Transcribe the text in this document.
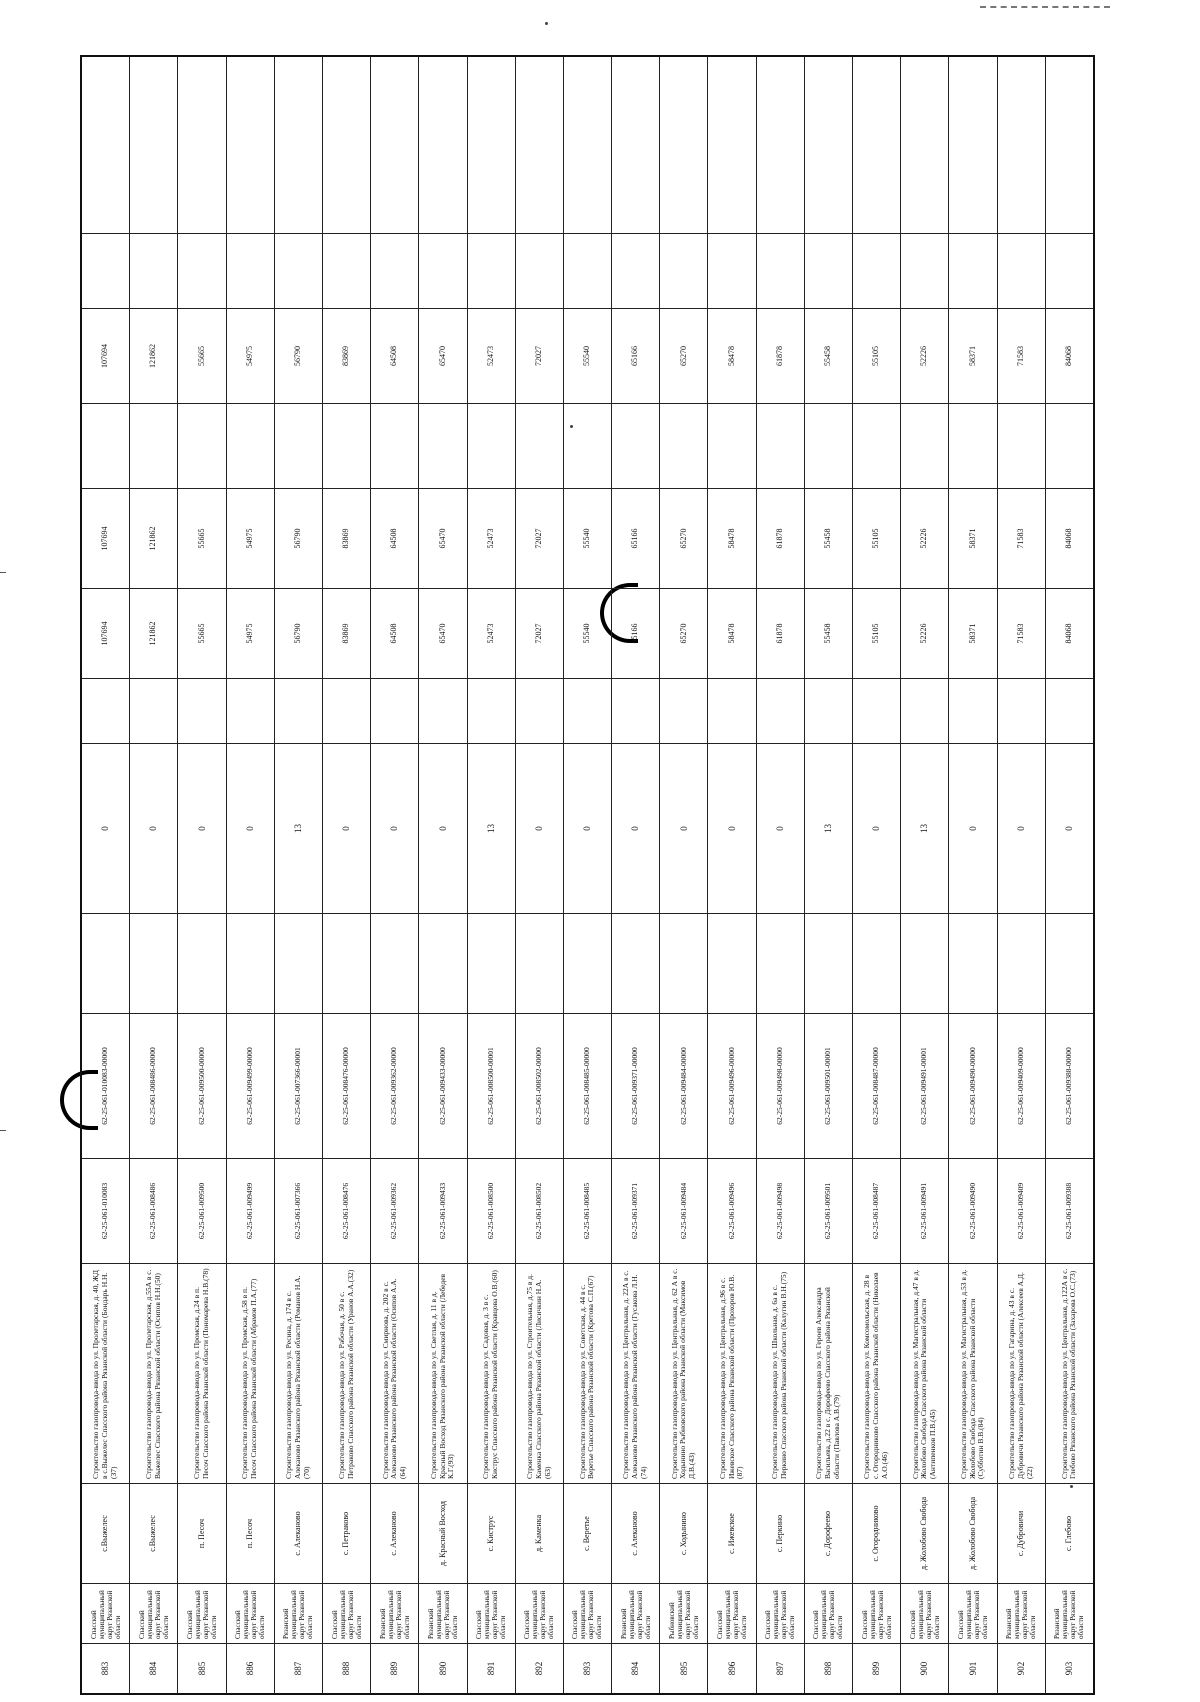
883
Спасский муниципальный округ Рязанской области
с.Выжелес
Строительство газопровода-ввода по ул. Пролетарская, д. 40, ЖД в с.Выжелес Спасского района Рязанской области (Бондарь Н.Н.(37)
62-25-061-010083
62-25-061-010083-00000
0
107694
107694
107694
884
Спасский муниципальный округ Рязанской области
с.Выжелес
Строительство газопровода-ввода по ул. Пролетарская, д.55А в с. Выжелес Спасского района Рязанской области (Осипов Н.Н.(50)
62-25-061-008486
62-25-061-008486-00000
0
121862
121862
121862
885
Спасский муниципальный округ Рязанской области
п. Песоч
Строительство газопровода-ввода по ул. Промская, д.24 в п. Песоч Спасского района Рязанской области (Пономарева Н.В.(78)
62-25-061-009500
62-25-061-009500-00000
0
55665
55665
55665
886
Спасский муниципальный округ Рязанской области
п. Песоч
Строительство газопровода-ввода по ул. Промская, д.58 в п. Песоч Спасского района Рязанской области (Абрамов П.А.(77)
62-25-061-009499
62-25-061-009499-00000
0
54975
54975
54975
887
Рязанский муниципальный округ Рязанской области
с. Алеканово
Строительство газопровода-ввода по ул. Ресина, д. 174 в с. Алеканово Рязанского района Рязанской области (Романов Н.А.(70)
62-25-061-007366
62-25-061-007366-00001
13
56790
56790
56790
888
Спасский муниципальный округ Рязанской области
с. Петраково
Строительство газопровода-ввода по ул. Рабочая, д. 50 в с. Петраково Спасского района Рязанской области (Уранов А.А.(32)
62-25-061-008476
62-25-061-008476-00000
0
83869
83869
83869
889
Рязанский муниципальный округ Рязанской области
с. Алеканово
Строительство газопровода-ввода по ул. Смирнова, д. 202 в с. Алеканово Рязанского района Рязанской области (Осипов А.А.(64)
62-25-061-009362
62-25-061-009362-00000
0
64508
64508
64508
890
Рязанский муниципальный округ Рязанской области
д. Красный Восход
Строительство газопровода-ввода по ул. Светлая, д. 11 в д. Красный Восход Рязанского района Рязанской области (Лебедев К.Г.(93)
62-25-061-009433
62-25-061-009433-00000
0
65470
65470
65470
891
Спасский муниципальный округ Рязанской области
с. Киструс
Строительство газопровода-ввода по ул. Садовая, д. 3 в с. Киструс Спасского района Рязанской области (Кравцова О.В.(60)
62-25-061-008500
62-25-061-008500-00001
13
52473
52473
52473
892
Спасский муниципальный округ Рязанской области
д. Каменка
Строительство газопровода-ввода по ул. Строительная, д.75 в д. Каменка Спасского района Рязанской области (Лисичкин Н.А.(63)
62-25-061-008502
62-25-061-008502-00000
0
72027
72027
72027
893
Спасский муниципальный округ Рязанской области
с. Веретье
Строительство газопровода-ввода по ул. Советская, д. 44 в с. Веретье Спасского района Рязанской области (Кретова С.П.(67)
62-25-061-008485
62-25-061-008485-00000
0
55540
55540
55540
894
Рязанский муниципальный округ Рязанской области
с. Алеканово
Строительство газопровода-ввода по ул. Центральная, д. 22А в с. Алеканово Рязанского района Рязанской области (Гусакова Л.Н.(74)
62-25-061-009371
62-25-061-009371-00000
0
65166
65166
65166
895
Рыбновский муниципальный округ Рязанской области
с. Ходынино
Строительство газопровода-ввода по ул. Центральная, д. 62 А в с. Ходынино Рыбновского района Рязанской области (Максимов Д.В.(43)
62-25-061-009484
62-25-061-009484-00000
0
65270
65270
65270
896
Спасский муниципальный округ Рязанской области
с. Ижевское
Строительство газопровода-ввода по ул. Центральная, д.96 в с. Ижевское Спасского района Рязанской области (Прохоров Ю.В.(87)
62-25-061-009496
62-25-061-009496-00000
0
58478
58478
58478
897
Спасский муниципальный округ Рязанской области
с. Перкино
Строительство газопровода-ввода по ул. Школьная, д. 6а в с. Перкино Спасского района Рязанской области (Калугин В.Н.(75)
62-25-061-009498
62-25-061-009498-00000
0
61878
61878
61878
898
Спасский муниципальный округ Рязанской области
с. Дорофеево
Строительство газопровода-ввода по ул. Героев Александра Васильева, д.22 в с. Дорофеево Спасского района Рязанской области (Павлова А.В.(79)
62-25-061-009501
62-25-061-009501-00001
13
55458
55458
55458
899
Спасский муниципальный округ Рязанской области
с. Огородниково
Строительство газопровода-ввода по ул. Комсомольская, д. 28 в с. Огородниково Спасского района Рязанской области (Николаев А.О.(46)
62-25-061-008487
62-25-061-008487-00000
0
55105
55105
55105
900
Спасский муниципальный округ Рязанской области
д. Жолобово Свобода
Строительство газопровода-ввода по ул. Магистральная, д.47 в д. Жолобово Свобода Спасского района Рязанской области (Антипенков П.В.(45)
62-25-061-009491
62-25-061-009491-00001
13
52226
52226
52226
901
Спасский муниципальный округ Рязанской области
д. Жолобово Свобода
Строительство газопровода-ввода по ул. Магистральная, д.53 в д. Жолобово Свобода Спасского района Рязанской области (Субботин В.В.(84)
62-25-061-009490
62-25-061-009490-00000
0
58371
58371
58371
902
Рязанский муниципальный округ Рязанской области
с. Дубровичи
Строительство газопровода-ввода по ул. Гагарина, д. 43 в с. Дубровичи Рязанского района Рязанской области (Алексеев А.Д.(22)
62-25-061-009409
62-25-061-009409-00000
0
71583
71583
71583
903
Рязанский муниципальный округ Рязанской области
с. Глебово
Строительство газопровода-ввода по ул. Центральная, д.122А в с. Глебово Рязанского района Рязанской области (Захарова О.С.(73)
62-25-061-009388
62-25-061-009388-00000
0
84068
84068
84068
